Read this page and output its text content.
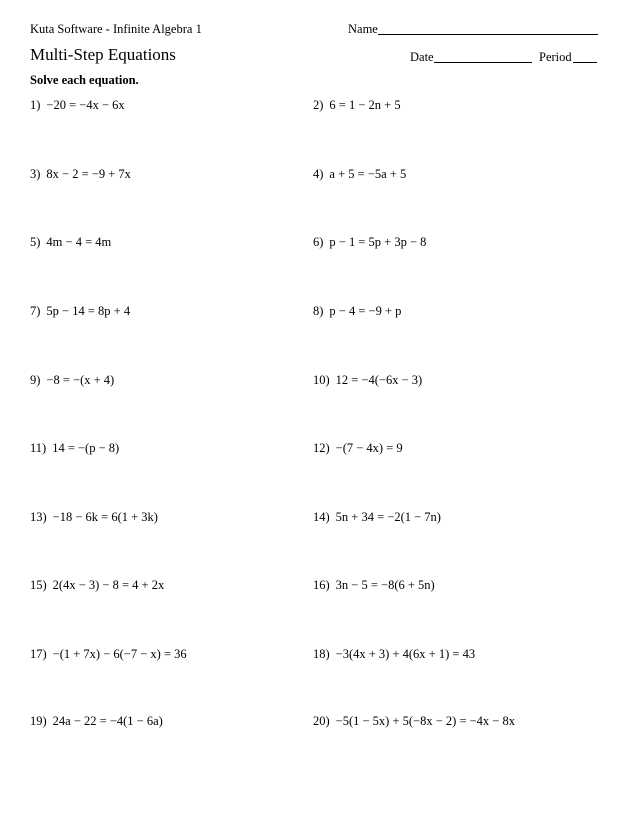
Kuta Software - Infinite Algebra 1	Name
Multi-Step Equations	Date	Period
Solve each equation.
1) −20 = −4x − 6x	2) 6 = 1 − 2n + 5
3) 8x − 2 = −9 + 7x	4) a + 5 = −5a + 5
5) 4m − 4 = 4m	6) p − 1 = 5p + 3p − 8
7) 5p − 14 = 8p + 4	8) p − 4 = −9 + p
9) −8 = −(x + 4)	10) 12 = −4(−6x − 3)
11) 14 = −(p − 8)	12) −(7 − 4x) = 9
13) −18 − 6k = 6(1 + 3k)	14) 5n + 34 = −2(1 − 7n)
15) 2(4x − 3) − 8 = 4 + 2x	16) 3n − 5 = −8(6 + 5n)
17) −(1 + 7x) − 6(−7 − x) = 36	18) −3(4x + 3) + 4(6x + 1) = 43
19) 24a − 22 = −4(1 − 6a)	20) −5(1 − 5x) + 5(−8x − 2) = −4x − 8x
